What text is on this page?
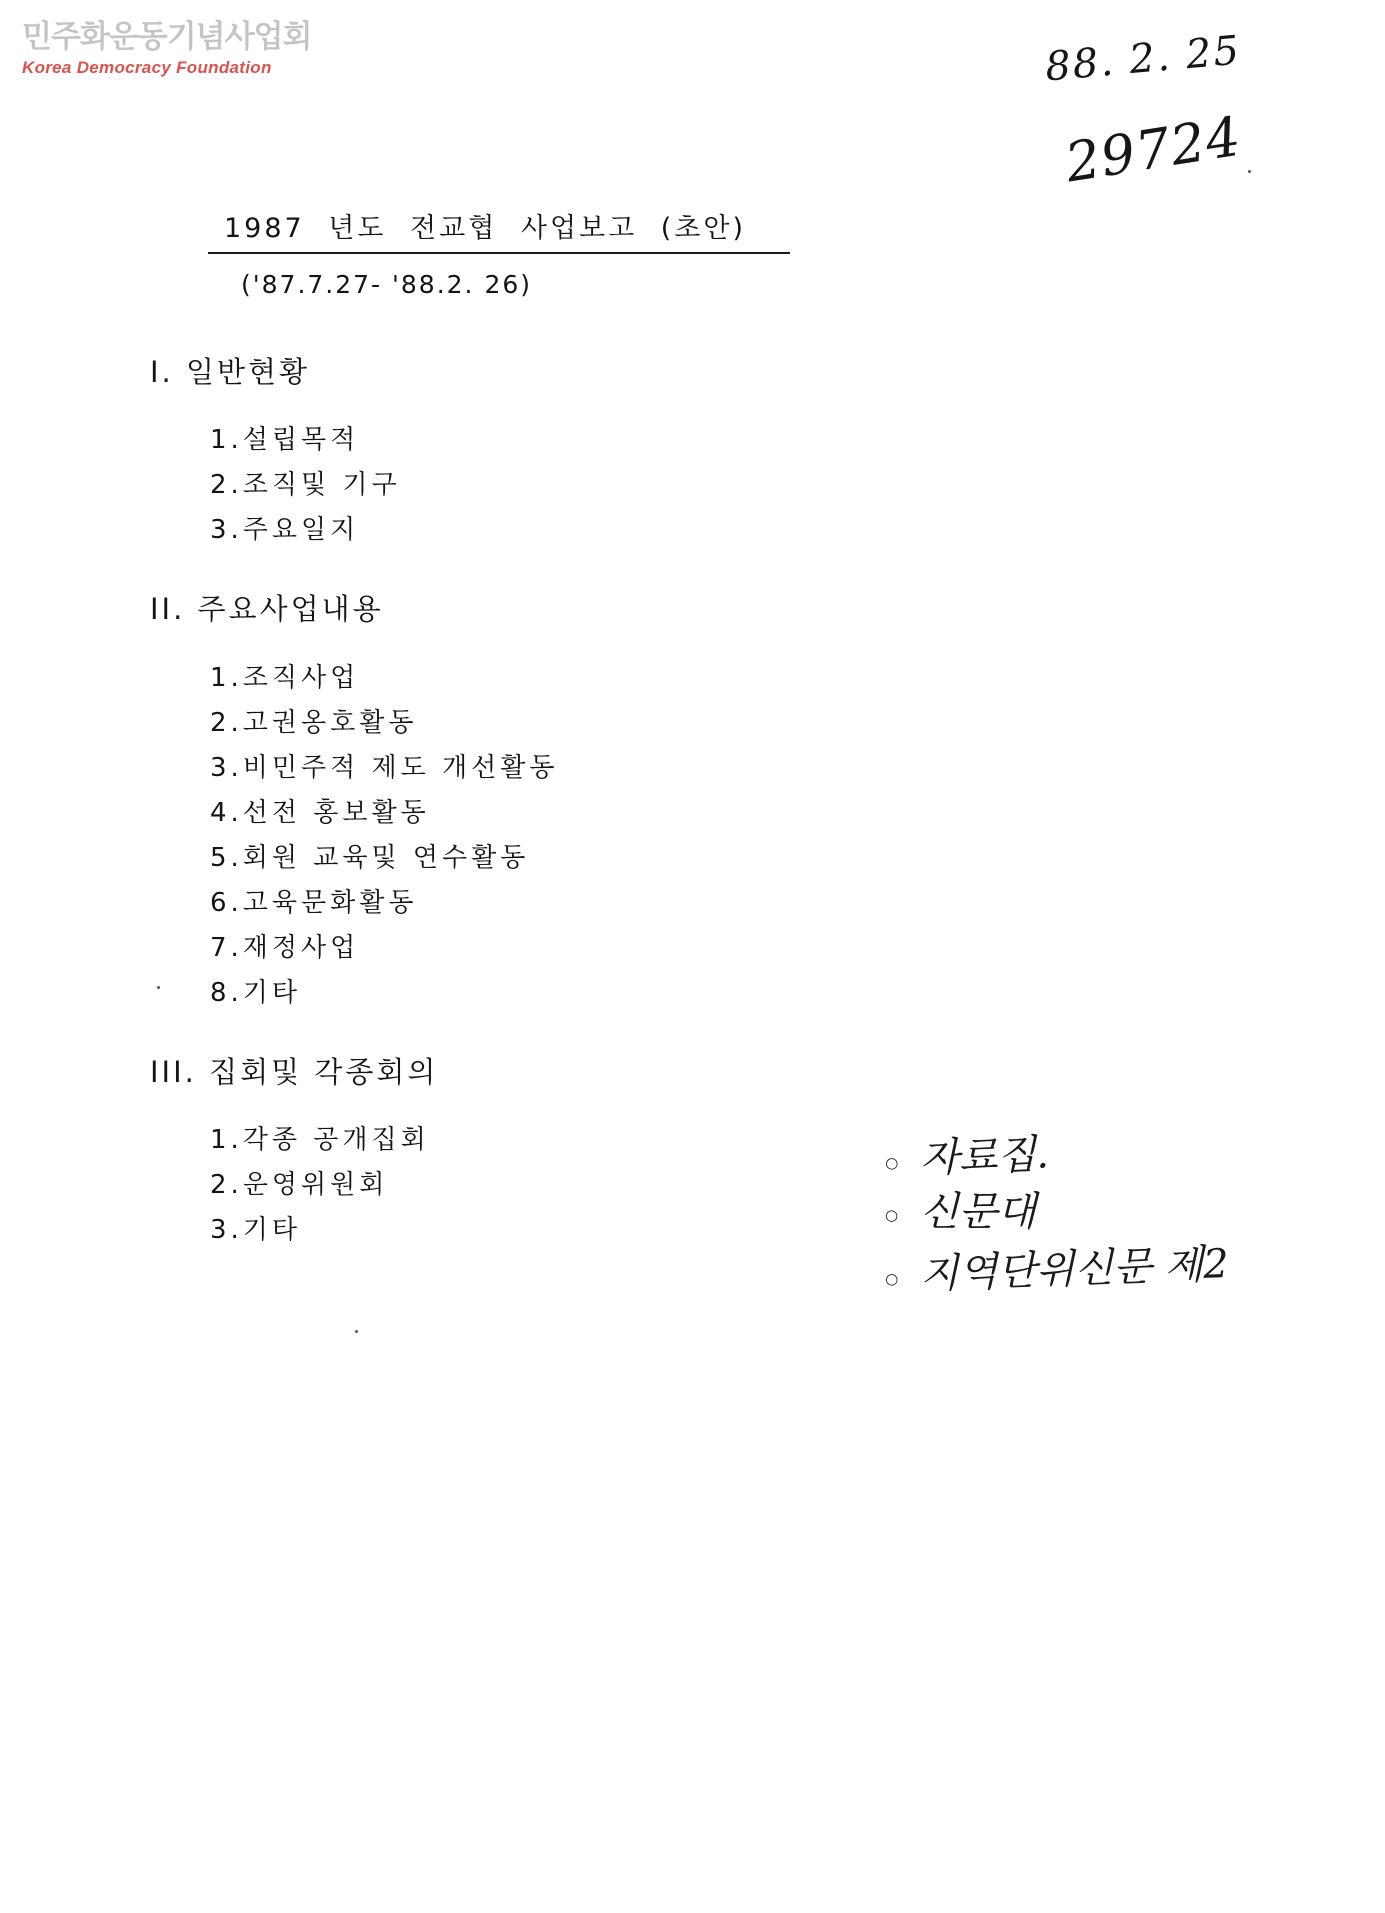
민주화운동기념사업회
Korea Democracy Foundation	88. 2. 25
29724
1987 년도 전교협 사업보고 (초안)
('87.7.27- '88.2. 26)
I. 일반현황
1.설립목적
2.조직및 기구
3.주요일지
II. 주요사업내용
1.조직사업
2.고권옹호활동
3.비민주적 제도 개선활동
4.선전 홍보활동
5.회원 교육및 연수활동
6.고육문화활동
7.재정사업
8.기타
III. 집회및 각종회의
1.각종 공개집회
2.운영위원회
3.기타
○ 자료집.
○ 신문대
○ 지역단위신문 제2
